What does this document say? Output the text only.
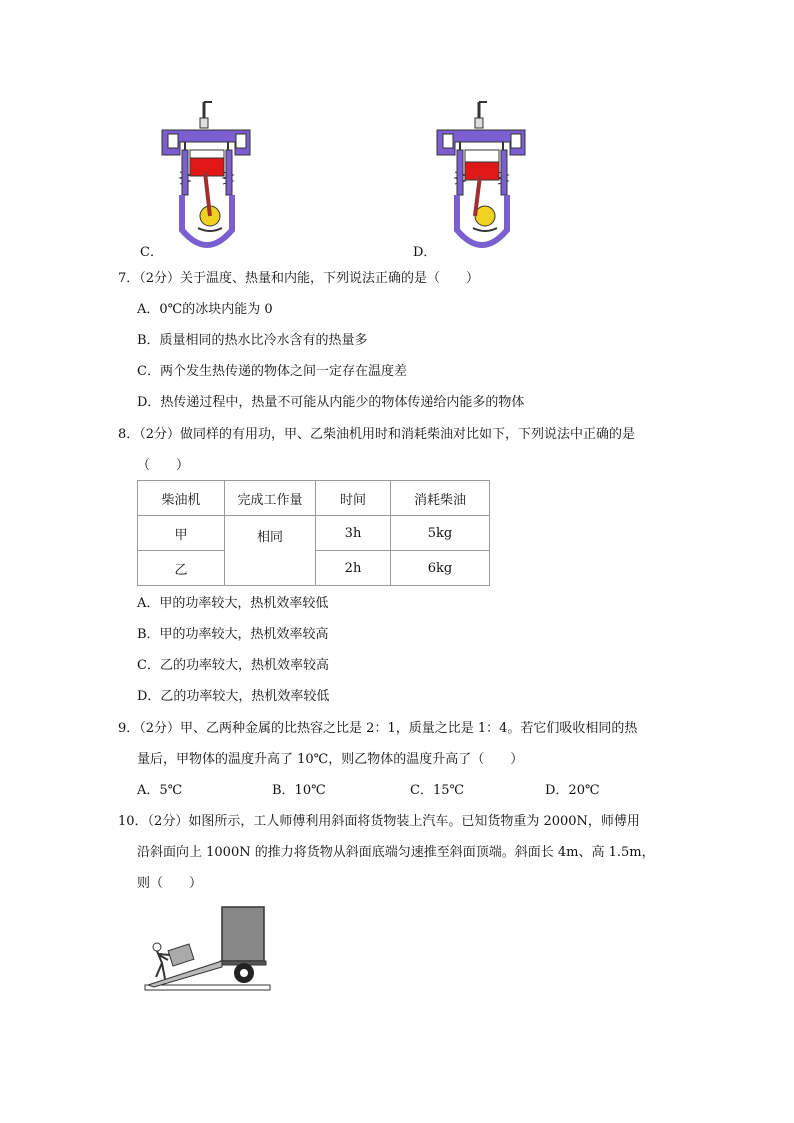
C．	D．
7．（2分）关于温度、热量和内能，下列说法正确的是（　　）
A．0℃的冰块内能为 0
B．质量相同的热水比冷水含有的热量多
C．两个发生热传递的物体之间一定存在温度差
D．热传递过程中，热量不可能从内能少的物体传递给内能多的物体
8．（2分）做同样的有用功，甲、乙柴油机用时和消耗柴油对比如下，下列说法中正确的是
（　　）
柴油机	完成工作量	时间	消耗柴油
甲	相同	3h	5kg
乙		2h	6kg
A．甲的功率较大，热机效率较低
B．甲的功率较大，热机效率较高
C．乙的功率较大，热机效率较高
D．乙的功率较大，热机效率较低
9．（2分）甲、乙两种金属的比热容之比是 2：1，质量之比是 1：4。若它们吸收相同的热
量后，甲物体的温度升高了 10℃，则乙物体的温度升高了（　　）
A．5℃	B．10℃	C．15℃	D．20℃
10．（2分）如图所示，工人师傅利用斜面将货物装上汽车。已知货物重为 2000N，师傅用
沿斜面向上 1000N 的推力将货物从斜面底端匀速推至斜面顶端。斜面长 4m、高 1.5m，
则（　　）
